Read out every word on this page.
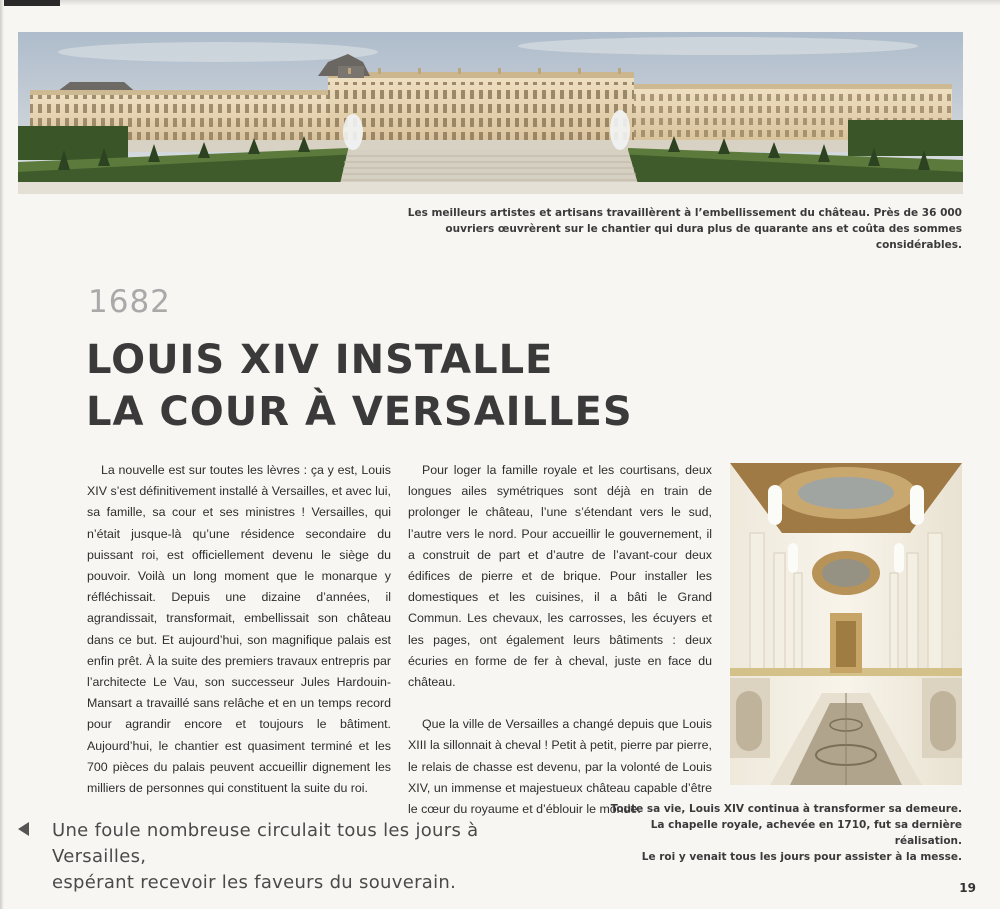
Les meilleurs artistes et artisans travaillèrent à l’embellissement du château. Près de 36 000 ouvriers œuvrèrent sur le chantier qui dura plus de quarante ans et coûta des sommes considérables.
1682
LOUIS XIV INSTALLE
LA COUR À VERSAILLES

La nouvelle est sur toutes les lèvres : ça y est, Louis XIV s’est définitivement installé à Versailles, et avec lui, sa famille, sa cour et ses ministres ! Versailles, qui n’était jusque-là qu’une résidence secondaire du puissant roi, est officiellement devenu le siège du pouvoir. Voilà un long moment que le monarque y réfléchissait. Depuis une dizaine d’années, il agrandissait, transformait, embellissait son château dans ce but. Et aujourd’hui, son magnifique palais est enfin prêt. À la suite des premiers travaux entrepris par l’architecte Le Vau, son successeur Jules Hardouin-Mansart a travaillé sans relâche et en un temps record pour agrandir encore et toujours le bâtiment. Aujourd’hui, le chantier est quasiment terminé et les 700 pièces du palais peuvent accueillir dignement les milliers de personnes qui constituent la suite du roi.

Pour loger la famille royale et les courtisans, deux longues ailes symétriques sont déjà en train de prolonger le château, l’une s’étendant vers le sud, l’autre vers le nord. Pour accueillir le gouvernement, il a construit de part et d’autre de l’avant-cour deux édifices de pierre et de brique. Pour installer les domestiques et les cuisines, il a bâti le Grand Commun. Les chevaux, les carrosses, les écuyers et les pages, ont également leurs bâtiments : deux écuries en forme de fer à cheval, juste en face du château.

Que la ville de Versailles a changé depuis que Louis XIII la sillonnait à cheval ! Petit à petit, pierre par pierre, le relais de chasse est devenu, par la volonté de Louis XIV, un immense et majestueux château capable d’être le cœur du royaume et d’éblouir le monde.

Toute sa vie, Louis XIV continua à transformer sa demeure.
La chapelle royale, achevée en 1710, fut sa dernière réalisation.
Le roi y venait tous les jours pour assister à la messe.
Une foule nombreuse circulait tous les jours à Versailles,
espérant recevoir les faveurs du souverain.	19
